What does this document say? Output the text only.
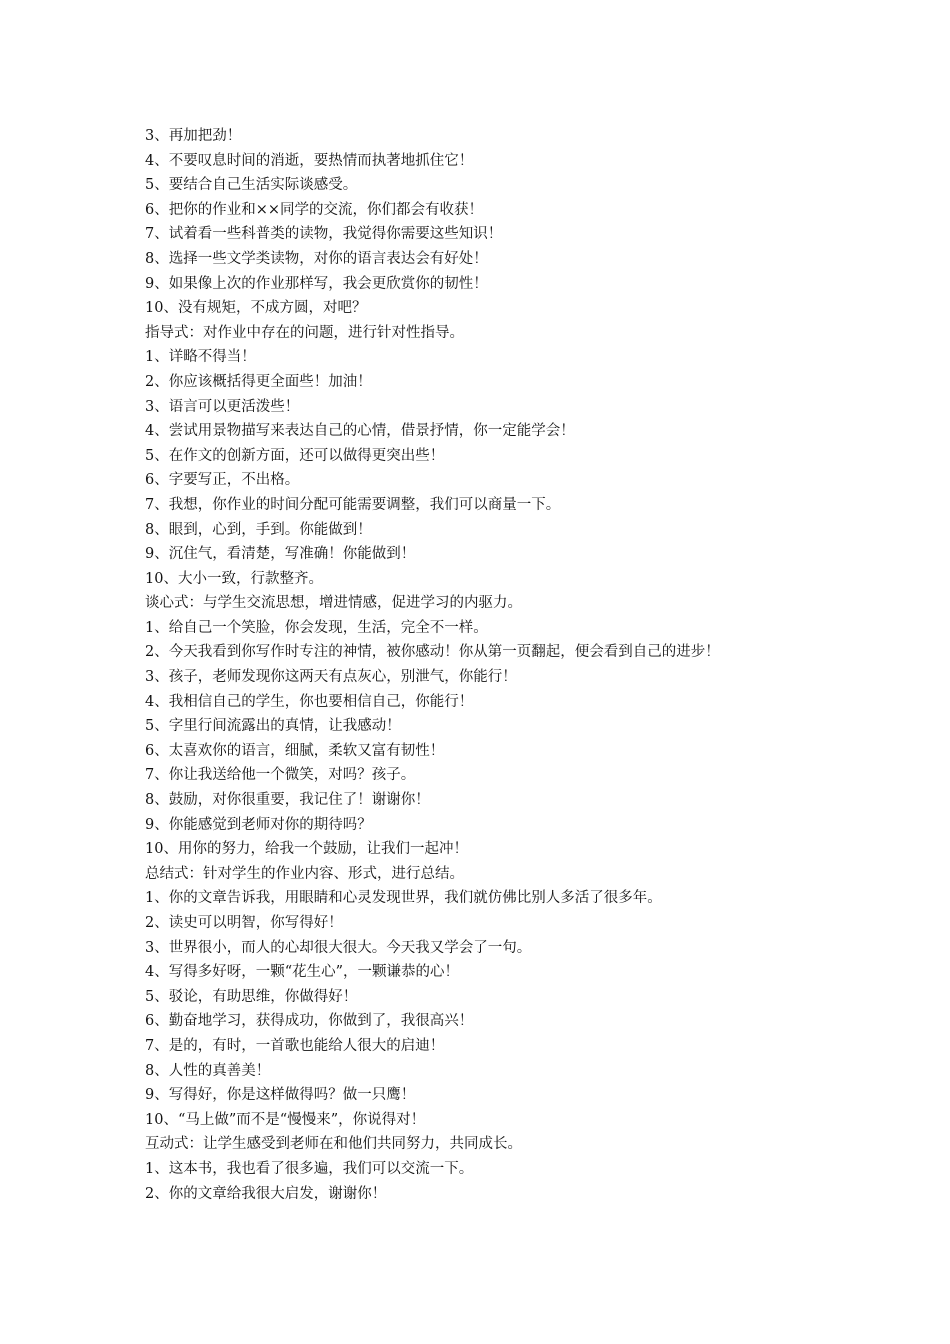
3、再加把劲！
4、不要叹息时间的消逝，要热情而执著地抓住它！
5、要结合自己生活实际谈感受。
6、把你的作业和××同学的交流，你们都会有收获！
7、试着看一些科普类的读物，我觉得你需要这些知识！
8、选择一些文学类读物，对你的语言表达会有好处！
9、如果像上次的作业那样写，我会更欣赏你的韧性！
10、没有规矩，不成方圆，对吧？
指导式：对作业中存在的问题，进行针对性指导。
1、详略不得当！
2、你应该概括得更全面些！加油！
3、语言可以更活泼些！
4、尝试用景物描写来表达自己的心情，借景抒情，你一定能学会！
5、在作文的创新方面，还可以做得更突出些！
6、字要写正，不出格。
7、我想，你作业的时间分配可能需要调整，我们可以商量一下。
8、眼到，心到，手到。你能做到！
9、沉住气，看清楚，写准确！你能做到！
10、大小一致，行款整齐。
谈心式：与学生交流思想，增进情感，促进学习的内驱力。
1、给自己一个笑脸，你会发现，生活，完全不一样。
2、今天我看到你写作时专注的神情，被你感动！你从第一页翻起，便会看到自己的进步！
3、孩子，老师发现你这两天有点灰心，别泄气，你能行！
4、我相信自己的学生，你也要相信自己，你能行！
5、字里行间流露出的真情，让我感动！
6、太喜欢你的语言，细腻，柔软又富有韧性！
7、你让我送给他一个微笑，对吗？孩子。
8、鼓励，对你很重要，我记住了！谢谢你！
9、你能感觉到老师对你的期待吗？
10、用你的努力，给我一个鼓励，让我们一起冲！
总结式：针对学生的作业内容、形式，进行总结。
1、你的文章告诉我，用眼睛和心灵发现世界，我们就仿佛比别人多活了很多年。
2、读史可以明智，你写得好！
3、世界很小，而人的心却很大很大。今天我又学会了一句。
4、写得多好呀，一颗“花生心”，一颗谦恭的心！
5、驳论，有助思维，你做得好！
6、勤奋地学习，获得成功，你做到了，我很高兴！
7、是的，有时，一首歌也能给人很大的启迪！
8、人性的真善美！
9、写得好，你是这样做得吗？做一只鹰！
10、“马上做”而不是“慢慢来”，你说得对！
互动式：让学生感受到老师在和他们共同努力，共同成长。
1、这本书，我也看了很多遍，我们可以交流一下。
2、你的文章给我很大启发，谢谢你！
